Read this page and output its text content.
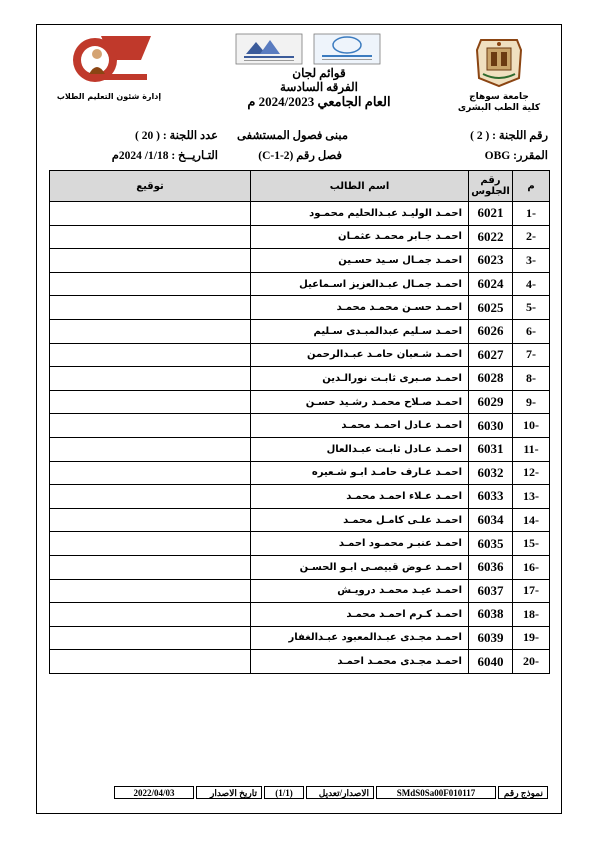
جامعة سوهاج
كلية الطب البشرى
قوائم لجان
الفرقه السادسة
العام الجامعي 2024/2023 م
إدارة شئون التعليم الطلاب
رقم اللجنة : ( 2 )
مبنى فصول المستشفى
عدد اللجنة : ( 20 )
المقرر: OBG
فصل رقم (C-1-2)
التـاريــخ : 1/18/ 2024م
م	رقم الجلوس	اسم الطالب	توقيع
-1	6021	احمـد الوليـد عبـدالحليم محمـود	
-2	6022	احمـد جـابر محمـد عثمـان	
-3	6023	احمـد جمـال سـيد حسـين	
-4	6024	احمـد جمـال عبـدالعزيز اسـماعيل	
-5	6025	احمـد حسـن محمـد محمـد	
-6	6026	احمـد سـليم عبدالمبـدى سـليم	
-7	6027	احمـد شـعبان حامـد عبـدالرحمن	
-8	6028	احمـد صـبرى ثابـت نورالـدين	
-9	6029	احمـد صـلاح محمـد رشـيد حسـن	
-10	6030	احمـد عـادل احمـد محمـد	
-11	6031	احمـد عـادل ثابـت عبـدالعال	
-12	6032	احمـد عـارف حامـد ابـو شـعيره	
-13	6033	احمـد عـلاء احمـد محمـد	
-14	6034	احمـد علـى كامـل محمـد	
-15	6035	احمـد عنبـر محمـود احمـد	
-16	6036	احمـد عـوض قبيصـى ابـو الحسـن	
-17	6037	احمـد عيـد محمـد درويـش	
-18	6038	احمـد كـرم احمـد محمـد	
-19	6039	احمـد مجـدى عبـدالمعبود عبـدالغفار	
-20	6040	احمـد مجـدى محمـد احمـد	
نموذج رقم
SMdS0Sa00F010117
الاصدار/تعديل
(1/1)
تاريخ الاصدار
2022/04/03
